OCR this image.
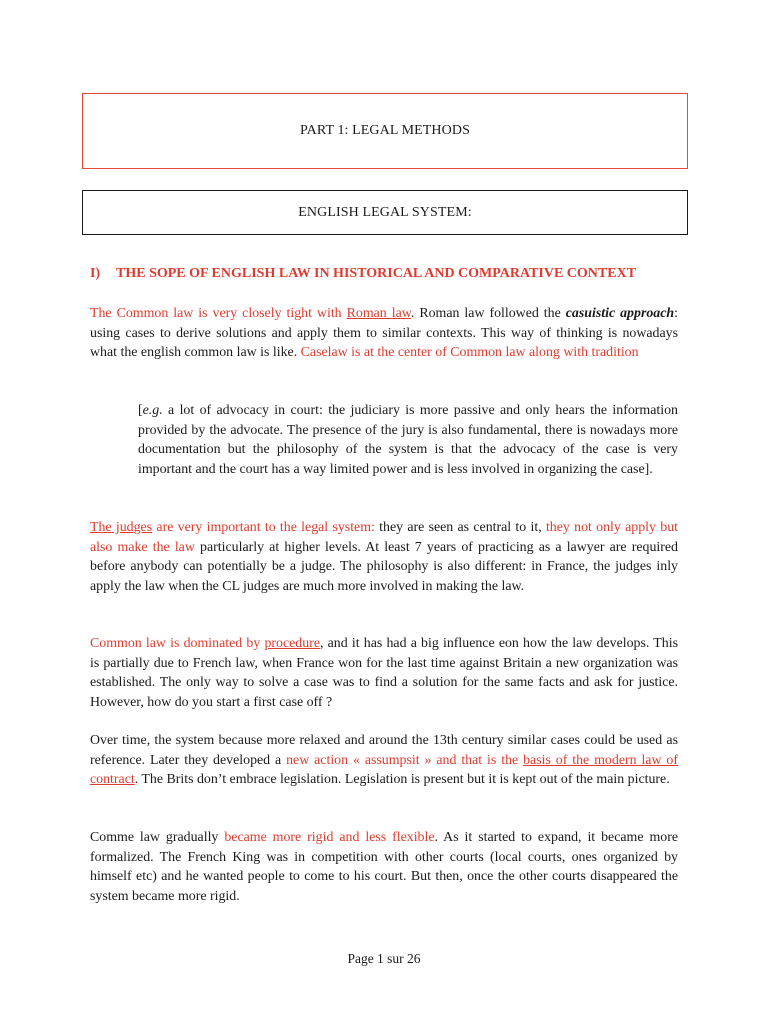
PART 1: LEGAL METHODS
ENGLISH LEGAL SYSTEM:
I) THE SOPE OF ENGLISH LAW IN HISTORICAL AND COMPARATIVE CONTEXT

The Common law is very closely tight with Roman law. Roman law followed the casuistic approach: using cases to derive solutions and apply them to similar contexts. This way of thinking is nowadays what the english common law is like. Caselaw is at the center of Common law along with tradition

[e.g. a lot of advocacy in court: the judiciary is more passive and only hears the information provided by the advocate. The presence of the jury is also fundamental, there is nowadays more documentation but the philosophy of the system is that the advocacy of the case is very important and the court has a way limited power and is less involved in organizing the case].

The judges are very important to the legal system: they are seen as central to it, they not only apply but also make the law particularly at higher levels. At least 7 years of practicing as a lawyer are required before anybody can potentially be a judge. The philosophy is also different: in France, the judges inly apply the law when the CL judges are much more involved in making the law.

Common law is dominated by procedure, and it has had a big influence eon how the law develops. This is partially due to French law, when France won for the last time against Britain a new organization was established. The only way to solve a case was to find a solution for the same facts and ask for justice. However, how do you start a first case off ?

Over time, the system because more relaxed and around the 13th century similar cases could be used as reference. Later they developed a new action « assumpsit » and that is the basis of the modern law of contract. The Brits don’t embrace legislation. Legislation is present but it is kept out of the main picture.

Comme law gradually became more rigid and less flexible. As it started to expand, it became more formalized. The French King was in competition with other courts (local courts, ones organized by himself etc) and he wanted people to come to his court. But then, once the other courts disappeared the system became more rigid.

Page 1 sur 26
